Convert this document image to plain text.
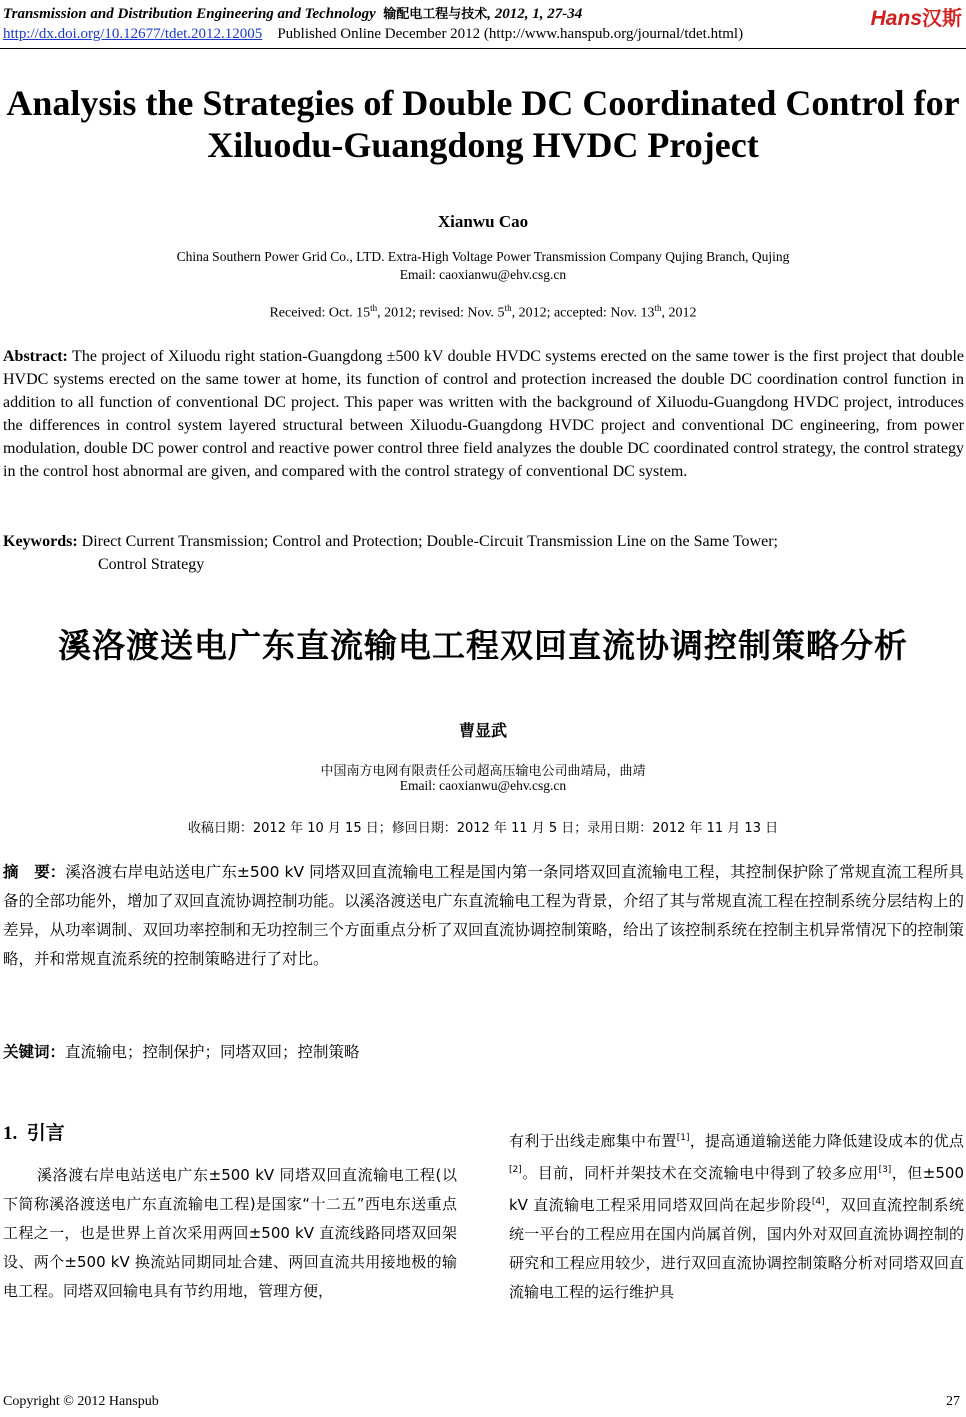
Transmission and Distribution Engineering and Technology 输配电工程与技术, 2012, 1, 27-34
http://dx.doi.org/10.12677/tdet.2012.12005 Published Online December 2012 (http://www.hanspub.org/journal/tdet.html)
Hans汉斯
Analysis the Strategies of Double DC Coordinated Control for
Xiluodu-Guangdong HVDC Project
Xianwu Cao
China Southern Power Grid Co., LTD. Extra-High Voltage Power Transmission Company Qujing Branch, Qujing
Email: caoxianwu@ehv.csg.cn
Received: Oct. 15th, 2012; revised: Nov. 5th, 2012; accepted: Nov. 13th, 2012
Abstract: The project of Xiluodu right station-Guangdong ±500 kV double HVDC systems erected on the same tower is the first project that double HVDC systems erected on the same tower at home, its function of control and protection increased the double DC coordination control function in addition to all function of conventional DC project. This paper was written with the background of Xiluodu-Guangdong HVDC project, introduces the differences in control system layered structural between Xiluodu-Guangdong HVDC project and conventional DC engineering, from power modulation, double DC power control and reactive power control three field analyzes the double DC coordinated control strategy, the control strategy in the control host abnormal are given, and compared with the control strategy of conventional DC system.
Keywords: Direct Current Transmission; Control and Protection; Double-Circuit Transmission Line on the Same Tower;
Control Strategy
溪洛渡送电广东直流输电工程双回直流协调控制策略分析
曹显武
中国南方电网有限责任公司超高压输电公司曲靖局，曲靖
Email: caoxianwu@ehv.csg.cn
收稿日期：2012 年 10 月 15 日；修回日期：2012 年 11 月 5 日；录用日期：2012 年 11 月 13 日
摘　要：溪洛渡右岸电站送电广东±500 kV 同塔双回直流输电工程是国内第一条同塔双回直流输电工程，其控制保护除了常规直流工程所具备的全部功能外，增加了双回直流协调控制功能。以溪洛渡送电广东直流输电工程为背景，介绍了其与常规直流工程在控制系统分层结构上的差异，从功率调制、双回功率控制和无功控制三个方面重点分析了双回直流协调控制策略，给出了该控制系统在控制主机异常情况下的控制策略，并和常规直流系统的控制策略进行了对比。
关键词：直流输电；控制保护；同塔双回；控制策略
1. 引言
溪洛渡右岸电站送电广东±500 kV 同塔双回直流输电工程(以下简称溪洛渡送电广东直流输电工程)是国家“十二五”西电东送重点工程之一，也是世界上首次采用两回±500 kV 直流线路同塔双回架设、两个±500 kV 换流站同期同址合建、两回直流共用接地极的输电工程。同塔双回输电具有节约用地，管理方便，
有利于出线走廊集中布置[1]，提高通道输送能力降低建设成本的优点[2]。目前，同杆并架技术在交流输电中得到了较多应用[3]，但±500 kV 直流输电工程采用同塔双回尚在起步阶段[4]，双回直流控制系统统一平台的工程应用在国内尚属首例，国内外对双回直流协调控制的研究和工程应用较少，进行双回直流协调控制策略分析对同塔双回直流输电工程的运行维护具
Copyright © 2012 Hanspub	27
